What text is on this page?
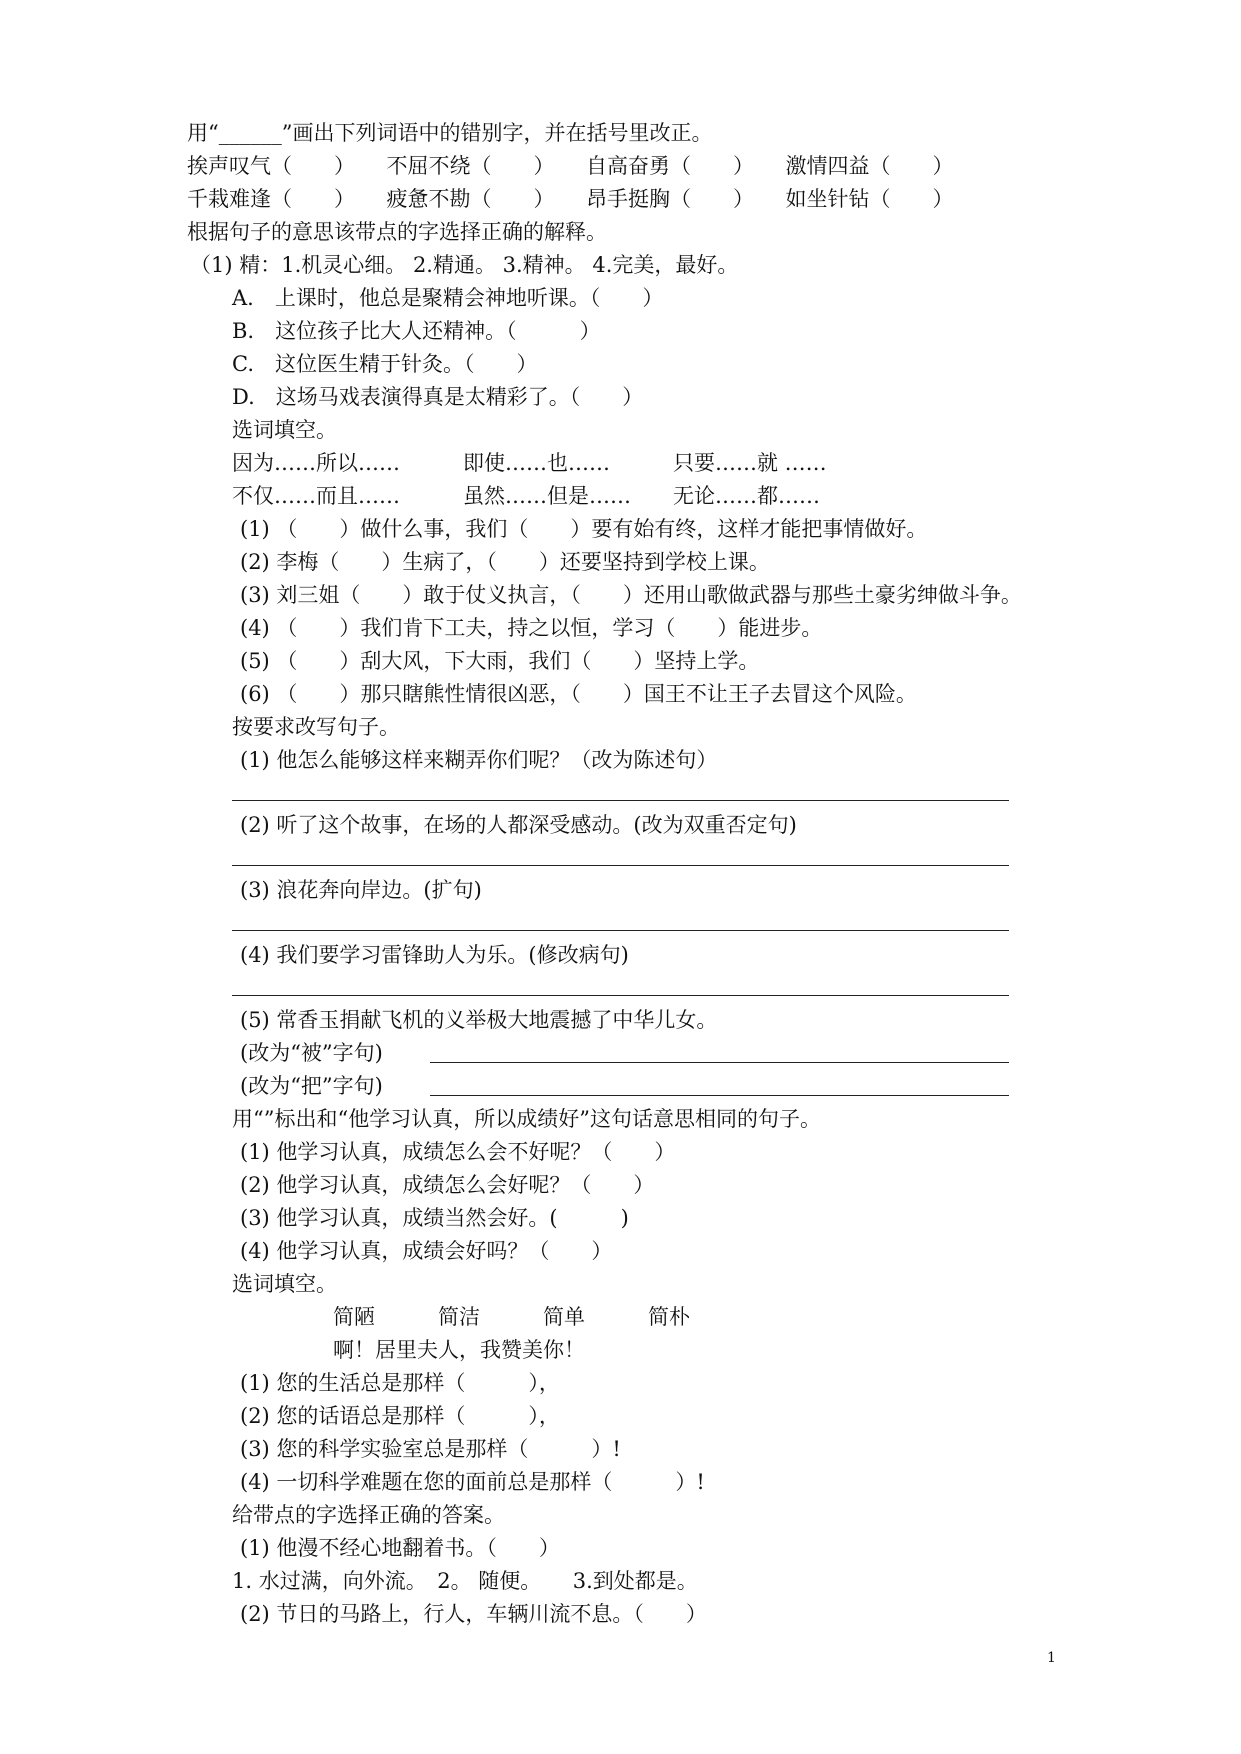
用“______”画出下列词语中的错别字，并在括号里改正。
挨声叹气（　　）　　不屈不绕（　　）　　自高奋勇（　　）　　激情四益（　　）
千栽难逢（　　）　　疲惫不勘（　　）　　昂手挺胸（　　）　　如坐针钻（　　）
根据句子的意思该带点的字选择正确的解释。
（1) 精：1.机灵心细。 2.精通。 3.精神。 4.完美，最好。
A.　上课时，他总是聚精会神地听课。（　　）
B.　这位孩子比大人还精神。（　　　）
C.　这位医生精于针灸。（　　）
D.　这场马戏表演得真是太精彩了。（　　）
选词填空。
因为……所以……　　　即使……也……　　　只要……就 ……
不仅……而且……　　　虽然……但是……　　无论……都……
(1) （　　）做什么事，我们（　　）要有始有终，这样才能把事情做好。
(2) 李梅（　　）生病了，（　　）还要坚持到学校上课。
(3) 刘三姐（　　）敢于仗义执言，（　　）还用山歌做武器与那些土豪劣绅做斗争。
(4) （　　）我们肯下工夫，持之以恒，学习（　　）能进步。
(5) （　　）刮大风，下大雨，我们（　　）坚持上学。
(6) （　　）那只瞎熊性情很凶恶，（　　）国王不让王子去冒这个风险。
按要求改写句子。
(1) 他怎么能够这样来糊弄你们呢？（改为陈述句）
(2) 听了这个故事，在场的人都深受感动。(改为双重否定句)
(3) 浪花奔向岸边。(扩句)
(4) 我们要学习雷锋助人为乐。(修改病句)
(5) 常香玉捐献飞机的义举极大地震撼了中华儿女。
(改为“被”字句)
(改为“把”字句)
用“”标出和“他学习认真，所以成绩好”这句话意思相同的句子。
(1) 他学习认真，成绩怎么会不好呢？（　　）
(2) 他学习认真，成绩怎么会好呢？（　　）
(3) 他学习认真，成绩当然会好。(　　　)
(4) 他学习认真，成绩会好吗？（　　）
选词填空。
简陋　　　简洁　　　简单　　　简朴
啊！居里夫人，我赞美你！
(1) 您的生活总是那样（　　　），
(2) 您的话语总是那样（　　　），
(3) 您的科学实验室总是那样（　　　）!
(4) 一切科学难题在您的面前总是那样（　　　）!
给带点的字选择正确的答案。
(1) 他漫不经心地翻着书。（　　）
1. 水过满，向外流。　2。 随便。　　3.到处都是。
(2) 节日的马路上，行人，车辆川流不息。（　　）
1
